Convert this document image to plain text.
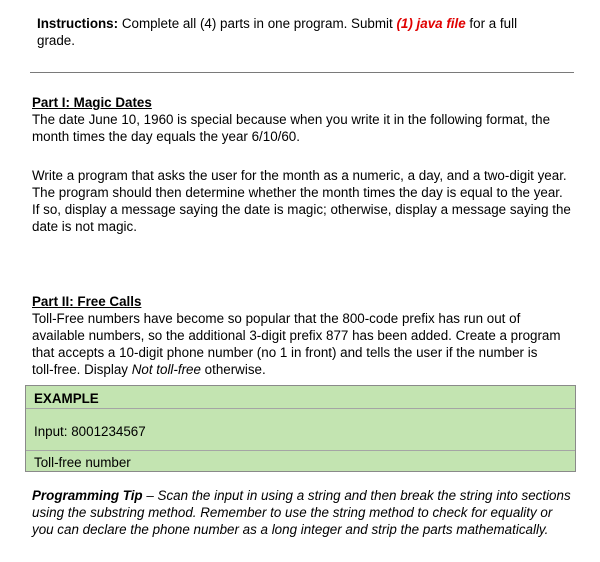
Instructions: Complete all (4) parts in one program. Submit (1) java file for a full grade.
Part I: Magic Dates
The date June 10, 1960 is special because when you write it in the following format, the month times the day equals the year 6/10/60.
Write a program that asks the user for the month as a numeric, a day, and a two-digit year. The program should then determine whether the month times the day is equal to the year. If so, display a message saying the date is magic; otherwise, display a message saying the date is not magic.
Part II: Free Calls
Toll-Free numbers have become so popular that the 800-code prefix has run out of available numbers, so the additional 3-digit prefix 877 has been added. Create a program that accepts a 10-digit phone number (no 1 in front) and tells the user if the number is toll-free. Display Not toll-free otherwise.
EXAMPLE
Input: 8001234567
Toll-free number
Programming Tip – Scan the input in using a string and then break the string into sections using the substring method. Remember to use the string method to check for equality or you can declare the phone number as a long integer and strip the parts mathematically.
